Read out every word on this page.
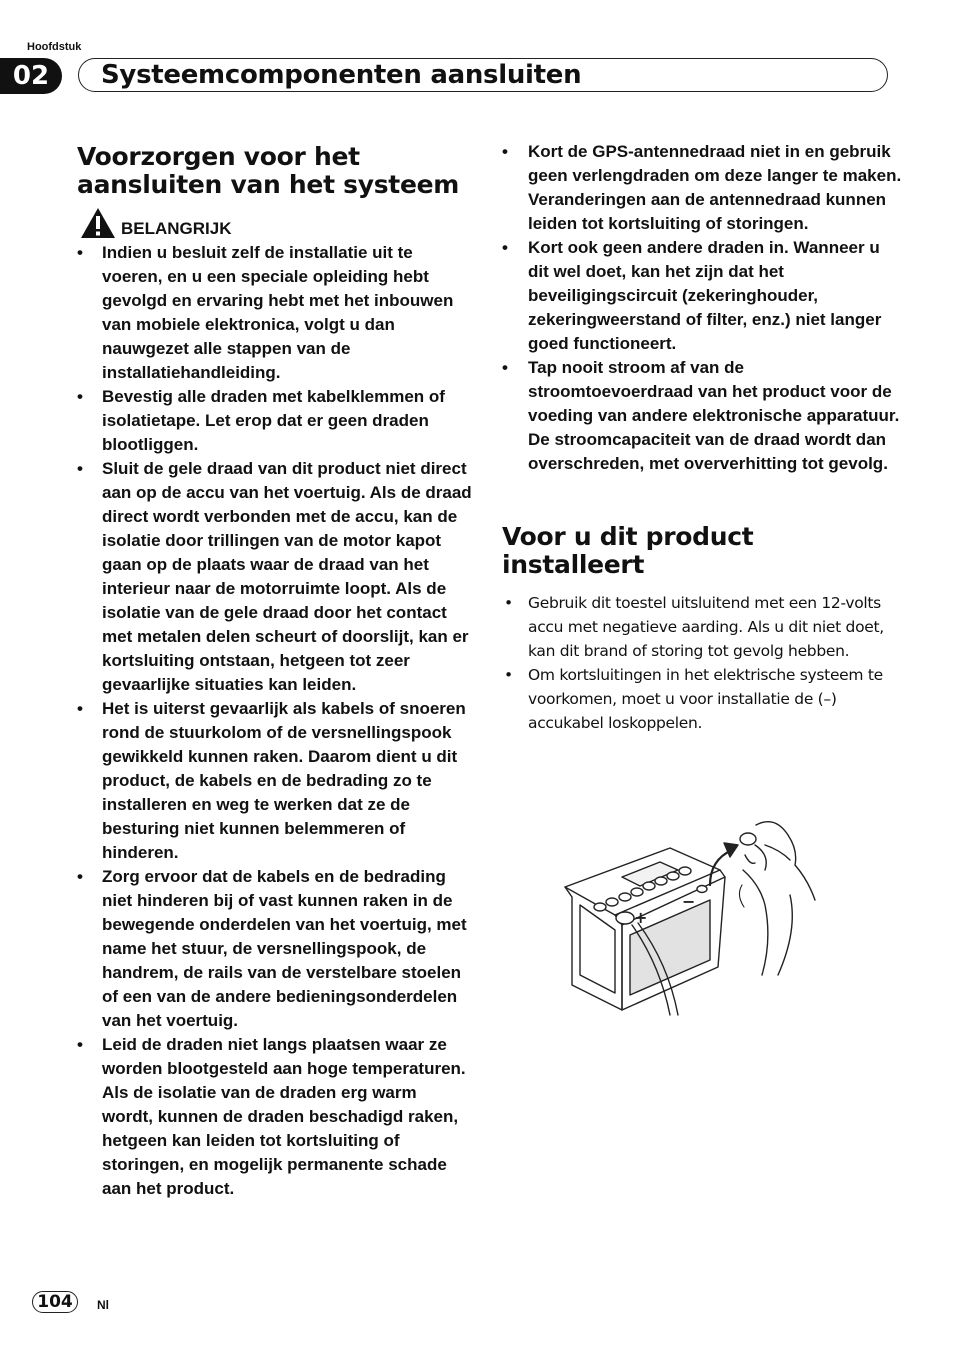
Hoofdstuk
02	Systeemcomponenten aansluiten
Voorzorgen voor het
aansluiten van het systeem
BELANGRIJK
• Indien u besluit zelf de installatie uit te voeren, en u een speciale opleiding hebt gevolgd en ervaring hebt met het inbouwen van mobiele elektronica, volgt u dan nauwgezet alle stappen van de installatiehandleiding.
• Bevestig alle draden met kabelklemmen of isolatietape. Let erop dat er geen draden blootliggen.
• Sluit de gele draad van dit product niet direct aan op de accu van het voertuig. Als de draad direct wordt verbonden met de accu, kan de isolatie door trillingen van de motor kapot gaan op de plaats waar de draad van het interieur naar de motorruimte loopt. Als de isolatie van de gele draad door het contact met metalen delen scheurt of doorslijt, kan er kortsluiting ontstaan, hetgeen tot zeer gevaarlijke situaties kan leiden.
• Het is uiterst gevaarlijk als kabels of snoeren rond de stuurkolom of de versnellingspook gewikkeld kunnen raken. Daarom dient u dit product, de kabels en de bedrading zo te installeren en weg te werken dat ze de besturing niet kunnen belemmeren of hinderen.
• Zorg ervoor dat de kabels en de bedrading niet hinderen bij of vast kunnen raken in de bewegende onderdelen van het voertuig, met name het stuur, de versnellingspook, de handrem, de rails van de verstelbare stoelen of een van de andere bedieningsonderdelen van het voertuig.
• Leid de draden niet langs plaatsen waar ze worden blootgesteld aan hoge temperaturen. Als de isolatie van de draden erg warm wordt, kunnen de draden beschadigd raken, hetgeen kan leiden tot kortsluiting of storingen, en mogelijk permanente schade aan het product.
• Kort de GPS-antennedraad niet in en gebruik geen verlengdraden om deze langer te maken. Veranderingen aan de antennedraad kunnen leiden tot kortsluiting of storingen.
• Kort ook geen andere draden in. Wanneer u dit wel doet, kan het zijn dat het beveiligingscircuit (zekeringhouder, zekeringweerstand of filter, enz.) niet langer goed functioneert.
• Tap nooit stroom af van de stroomtoevoerdraad van het product voor de voeding van andere elektronische apparatuur. De stroomcapaciteit van de draad wordt dan overschreden, met oververhitting tot gevolg.
Voor u dit product installeert
• Gebruik dit toestel uitsluitend met een 12-volts accu met negatieve aarding. Als u dit niet doet, kan dit brand of storing tot gevolg hebben.
• Om kortsluitingen in het elektrische systeem te voorkomen, moet u voor installatie de (–) accukabel loskoppelen.
+
−
104	Nl
